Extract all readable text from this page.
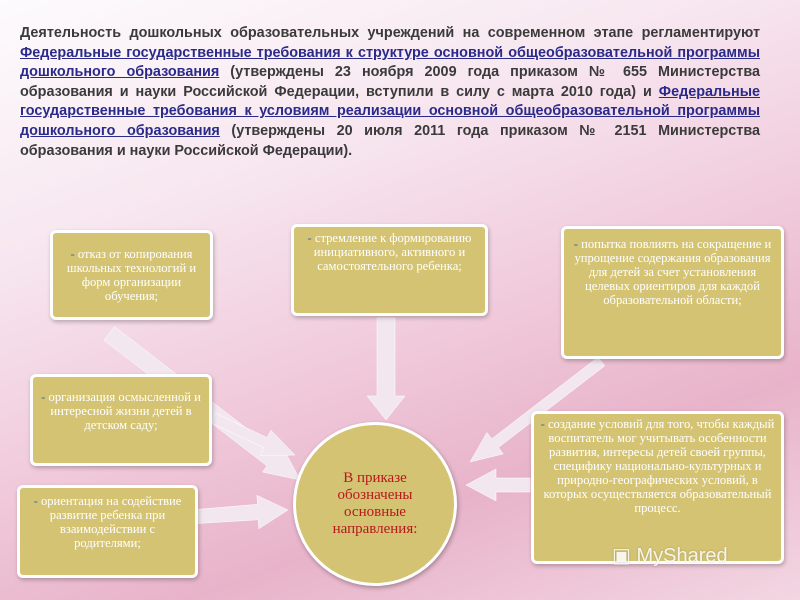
Деятельность дошкольных образовательных учреждений на современном этапе регламентируют Федеральные государственные требования к структуре основной общеобразовательной программы дошкольного образования (утверждены 23 ноября 2009 года приказом № 655 Министерства образования и науки Российской Федерации, вступили в силу с марта 2010 года) и Федеральные государственные требования к условиям реализации основной общеобразовательной программы дошкольного образования (утверждены 20 июля 2011 года приказом № 2151 Министерства образования и науки Российской Федерации).

- отказ от копирования школьных технологий и форм организации обучения;
- стремление к формированию инициативного, активного и самостоятельного ребенка;
- попытка повлиять на сокращение и упрощение содержания образования для детей за счет установления целевых ориентиров для каждой образовательной области;
- организация осмысленной и интересной жизни детей в детском саду;	- создание условий для того, чтобы каждый воспитатель мог учитывать особенности развития, интересы детей своей группы, специфику национально-культурных и природно-географических условий, в которых осуществляется образовательный процесс.
- ориентация на содействие развитие ребенка при взаимодействии с родителями;
В приказе обозначены основные направления:
▣ MyShared
